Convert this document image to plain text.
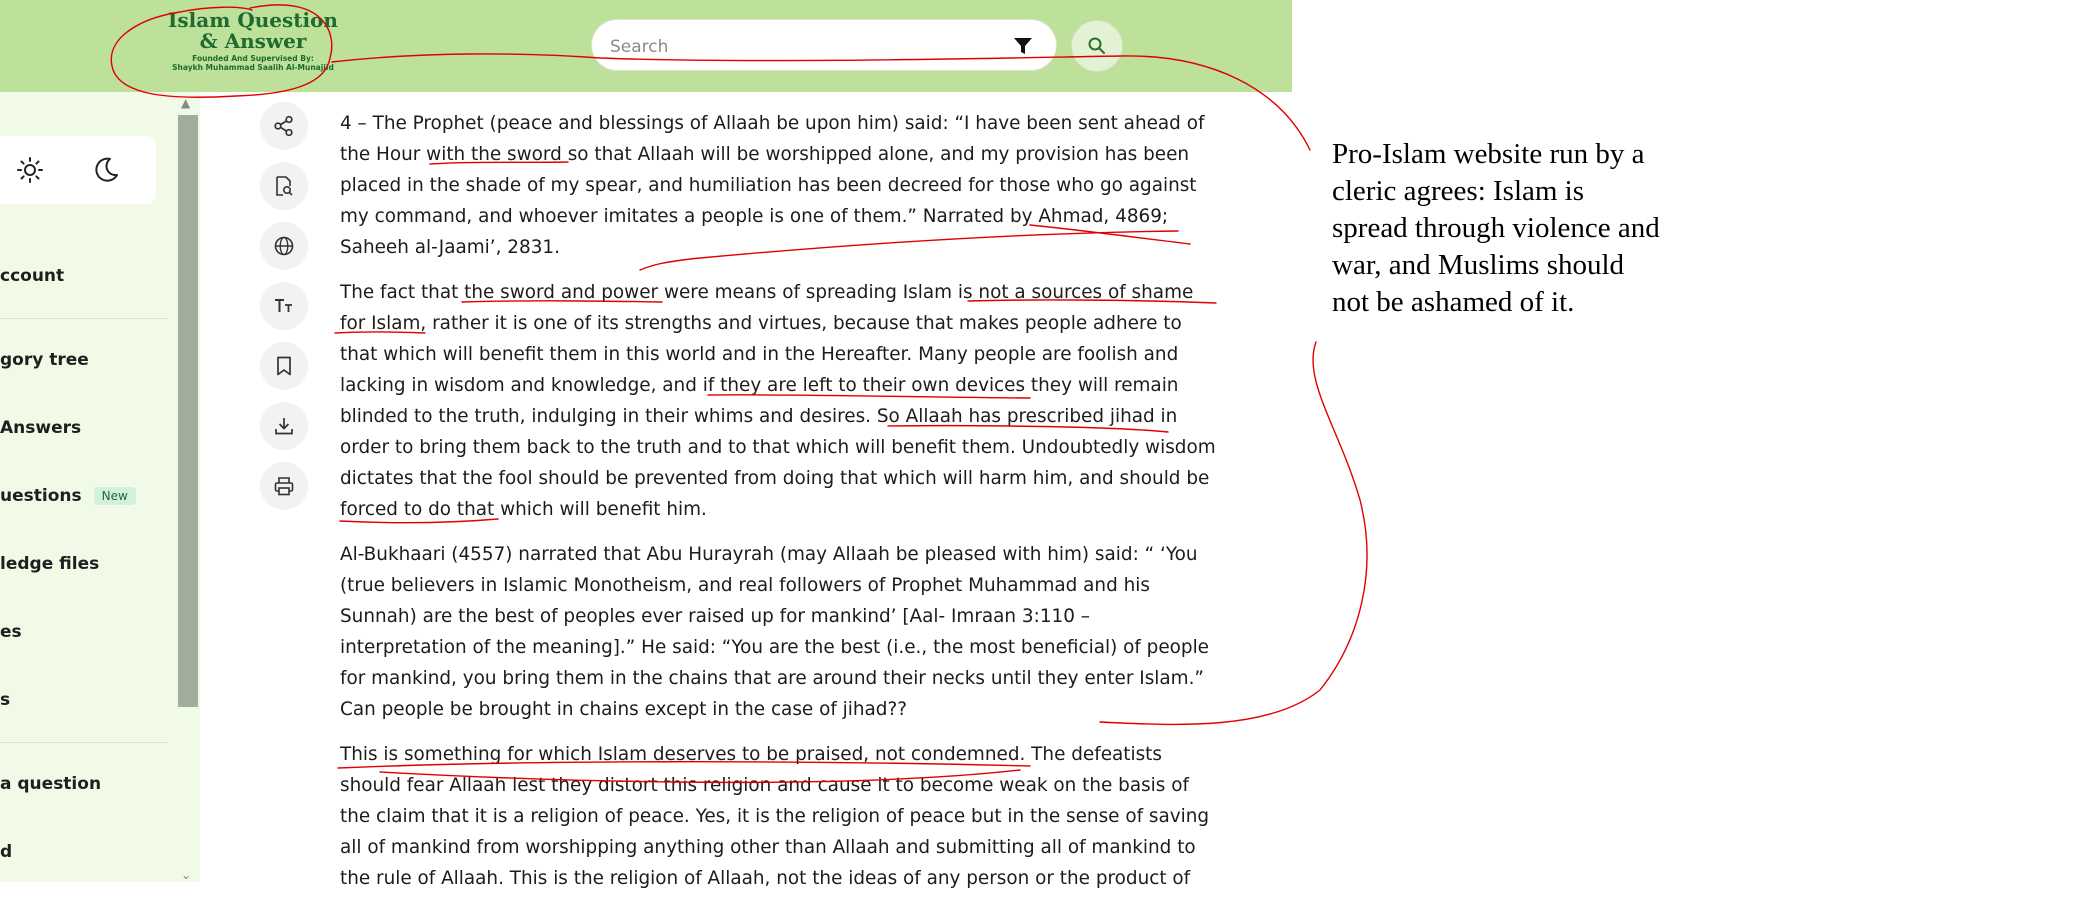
Islam Question
& Answer
Founded And Supervised By:
Shaykh Muhammad Saalih Al-Munajjid
Search
▲
⌄
ccount
gory tree
Answers
uestions New
ledge files
es
s
a question
d

4 – The Prophet (peace and blessings of Allaah be upon him) said: “I have been sent ahead of the Hour with the sword so that Allaah will be worshipped alone, and my provision has been placed in the shade of my spear, and humiliation has been decreed for those who go against my command, and whoever imitates a people is one of them.” Narrated by Ahmad, 4869; Saheeh al-Jaami’, 2831.

The fact that the sword and power were means of spreading Islam is not a sources of shame for Islam, rather it is one of its strengths and virtues, because that makes people adhere to that which will benefit them in this world and in the Hereafter. Many people are foolish and lacking in wisdom and knowledge, and if they are left to their own devices they will remain blinded to the truth, indulging in their whims and desires. So Allaah has prescribed jihad in order to bring them back to the truth and to that which will benefit them. Undoubtedly wisdom dictates that the fool should be prevented from doing that which will harm him, and should be forced to do that which will benefit him.

Al-Bukhaari (4557) narrated that Abu Hurayrah (may Allaah be pleased with him) said: “ ‘You (true believers in Islamic Monotheism, and real followers of Prophet Muhammad and his Sunnah) are the best of peoples ever raised up for mankind’ [Aal- Imraan 3:110 – interpretation of the meaning].” He said: “You are the best (i.e., the most beneficial) of people for mankind, you bring them in the chains that are around their necks until they enter Islam.” Can people be brought in chains except in the case of jihad??

This is something for which Islam deserves to be praised, not condemned. The defeatists should fear Allaah lest they distort this religion and cause it to become weak on the basis of the claim that it is a religion of peace. Yes, it is the religion of peace but in the sense of saving all of mankind from worshipping anything other than Allaah and submitting all of mankind to the rule of Allaah. This is the religion of Allaah, not the ideas of any person or the product of

Pro-Islam website run by a cleric agrees: Islam is spread through violence and war, and Muslims should not be ashamed of it.
